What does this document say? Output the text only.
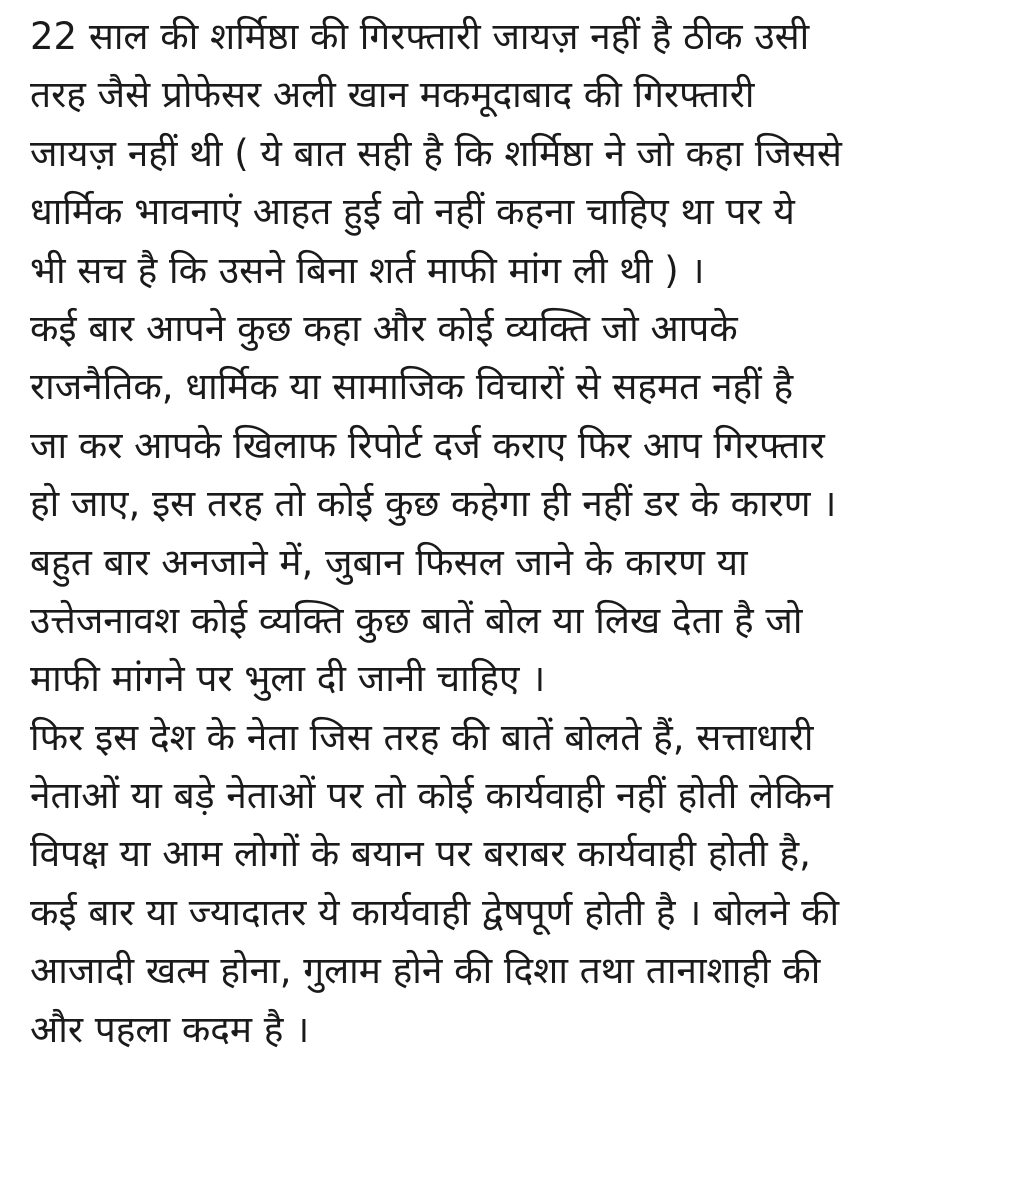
22 साल की शर्मिष्ठा की गिरफ्तारी जायज़ नहीं है ठीक उसी
तरह जैसे प्रोफेसर अली खान मकमूदाबाद की गिरफ्तारी
जायज़ नहीं थी ( ये बात सही है कि शर्मिष्ठा ने जो कहा जिससे
धार्मिक भावनाएं आहत हुई वो नहीं कहना चाहिए था पर ये
भी सच है कि उसने बिना शर्त माफी मांग ली थी ) ।
कई बार आपने कुछ कहा और कोई व्यक्ति जो आपके
राजनैतिक, धार्मिक या सामाजिक विचारों से सहमत नहीं है
जा कर आपके खिलाफ रिपोर्ट दर्ज कराए फिर आप गिरफ्तार
हो जाए, इस तरह तो कोई कुछ कहेगा ही नहीं डर के कारण ।
बहुत बार अनजाने में, जुबान फिसल जाने के कारण या
उत्तेजनावश कोई व्यक्ति कुछ बातें बोल या लिख देता है जो
माफी मांगने पर भुला दी जानी चाहिए ।
फिर इस देश के नेता जिस तरह की बातें बोलते हैं, सत्ताधारी
नेताओं या बड़े नेताओं पर तो कोई कार्यवाही नहीं होती लेकिन
विपक्ष या आम लोगों के बयान पर बराबर कार्यवाही होती है,
कई बार या ज्यादातर ये कार्यवाही द्वेषपूर्ण होती है । बोलने की
आजादी खत्म होना, गुलाम होने की दिशा तथा तानाशाही की
और पहला कदम है ।
